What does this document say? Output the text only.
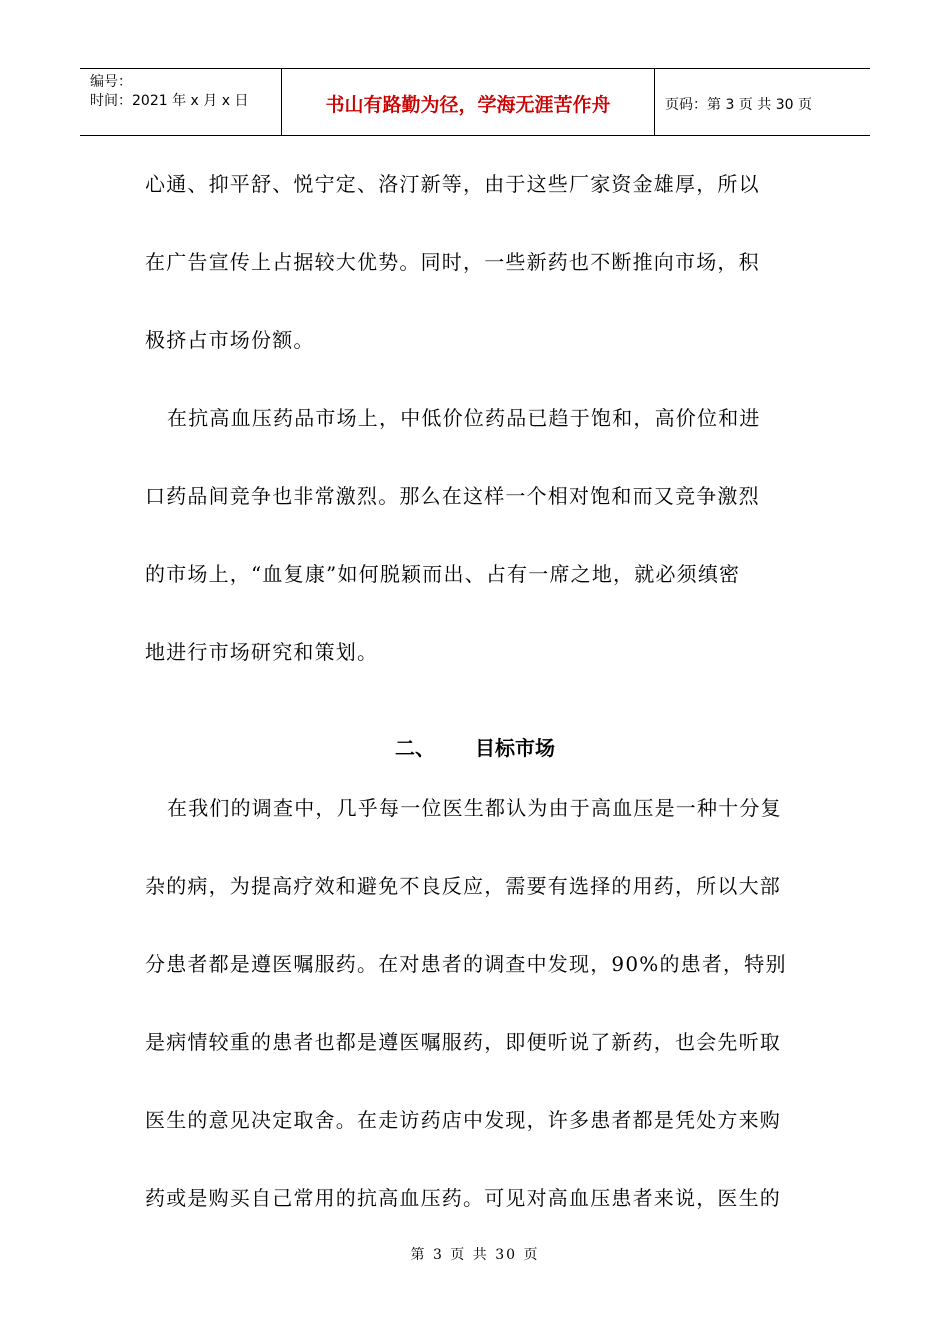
编号：
时间：2021 年 x 月 x 日	书山有路勤为径，学海无涯苦作舟	页码：第 3 页 共 30 页
心通、抑平舒、悦宁定、洛汀新等，由于这些厂家资金雄厚，所以
在广告宣传上占据较大优势。同时，一些新药也不断推向市场，积
极挤占市场份额。
在抗高血压药品市场上，中低价位药品已趋于饱和，高价位和进
口药品间竞争也非常激烈。那么在这样一个相对饱和而又竞争激烈
的市场上，“血复康”如何脱颖而出、占有一席之地，就必须缜密
地进行市场研究和策划。
二、 目标市场
在我们的调查中，几乎每一位医生都认为由于高血压是一种十分复
杂的病，为提高疗效和避免不良反应，需要有选择的用药，所以大部
分患者都是遵医嘱服药。在对患者的调查中发现，90%的患者，特别
是病情较重的患者也都是遵医嘱服药，即便听说了新药，也会先听取
医生的意见决定取舍。在走访药店中发现，许多患者都是凭处方来购
药或是购买自己常用的抗高血压药。可见对高血压患者来说，医生的
第 3 页 共 30 页
